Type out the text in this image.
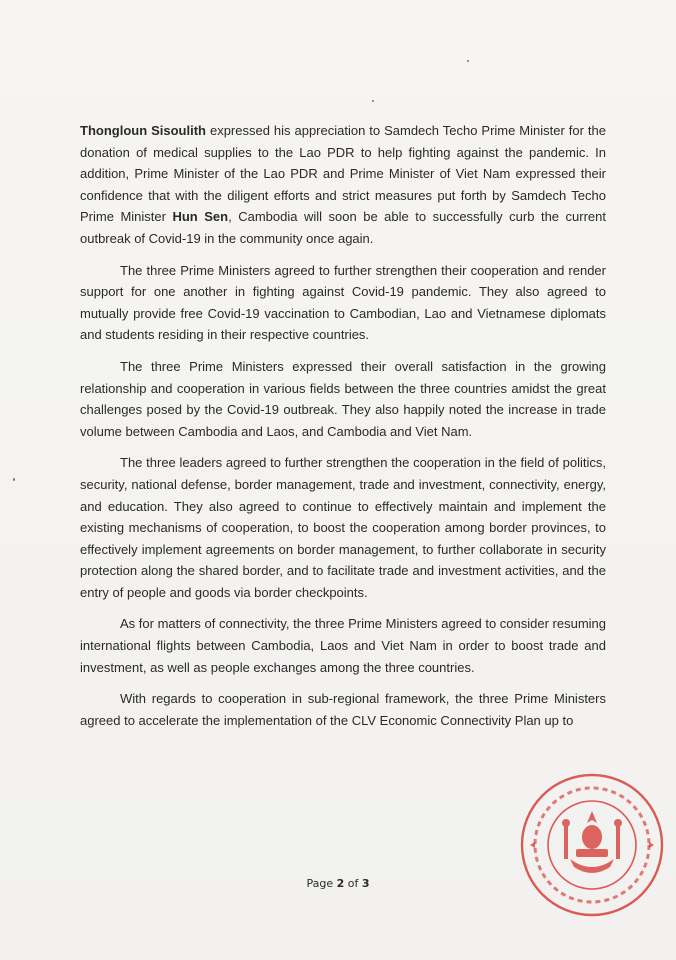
Thongloun Sisoulith expressed his appreciation to Samdech Techo Prime Minister for the donation of medical supplies to the Lao PDR to help fighting against the pandemic. In addition, Prime Minister of the Lao PDR and Prime Minister of Viet Nam expressed their confidence that with the diligent efforts and strict measures put forth by Samdech Techo Prime Minister Hun Sen, Cambodia will soon be able to successfully curb the current outbreak of Covid-19 in the community once again.

The three Prime Ministers agreed to further strengthen their cooperation and render support for one another in fighting against Covid-19 pandemic. They also agreed to mutually provide free Covid-19 vaccination to Cambodian, Lao and Vietnamese diplomats and students residing in their respective countries.

The three Prime Ministers expressed their overall satisfaction in the growing relationship and cooperation in various fields between the three countries amidst the great challenges posed by the Covid-19 outbreak. They also happily noted the increase in trade volume between Cambodia and Laos, and Cambodia and Viet Nam.

The three leaders agreed to further strengthen the cooperation in the field of politics, security, national defense, border management, trade and investment, connectivity, energy, and education. They also agreed to continue to effectively maintain and implement the existing mechanisms of cooperation, to boost the cooperation among border provinces, to effectively implement agreements on border management, to further collaborate in security protection along the shared border, and to facilitate trade and investment activities, and the entry of people and goods via border checkpoints.

As for matters of connectivity, the three Prime Ministers agreed to consider resuming international flights between Cambodia, Laos and Viet Nam in order to boost trade and investment, as well as people exchanges among the three countries.

With regards to cooperation in sub-regional framework, the three Prime Ministers agreed to accelerate the implementation of the CLV Economic Connectivity Plan up to

Page 2 of 3
